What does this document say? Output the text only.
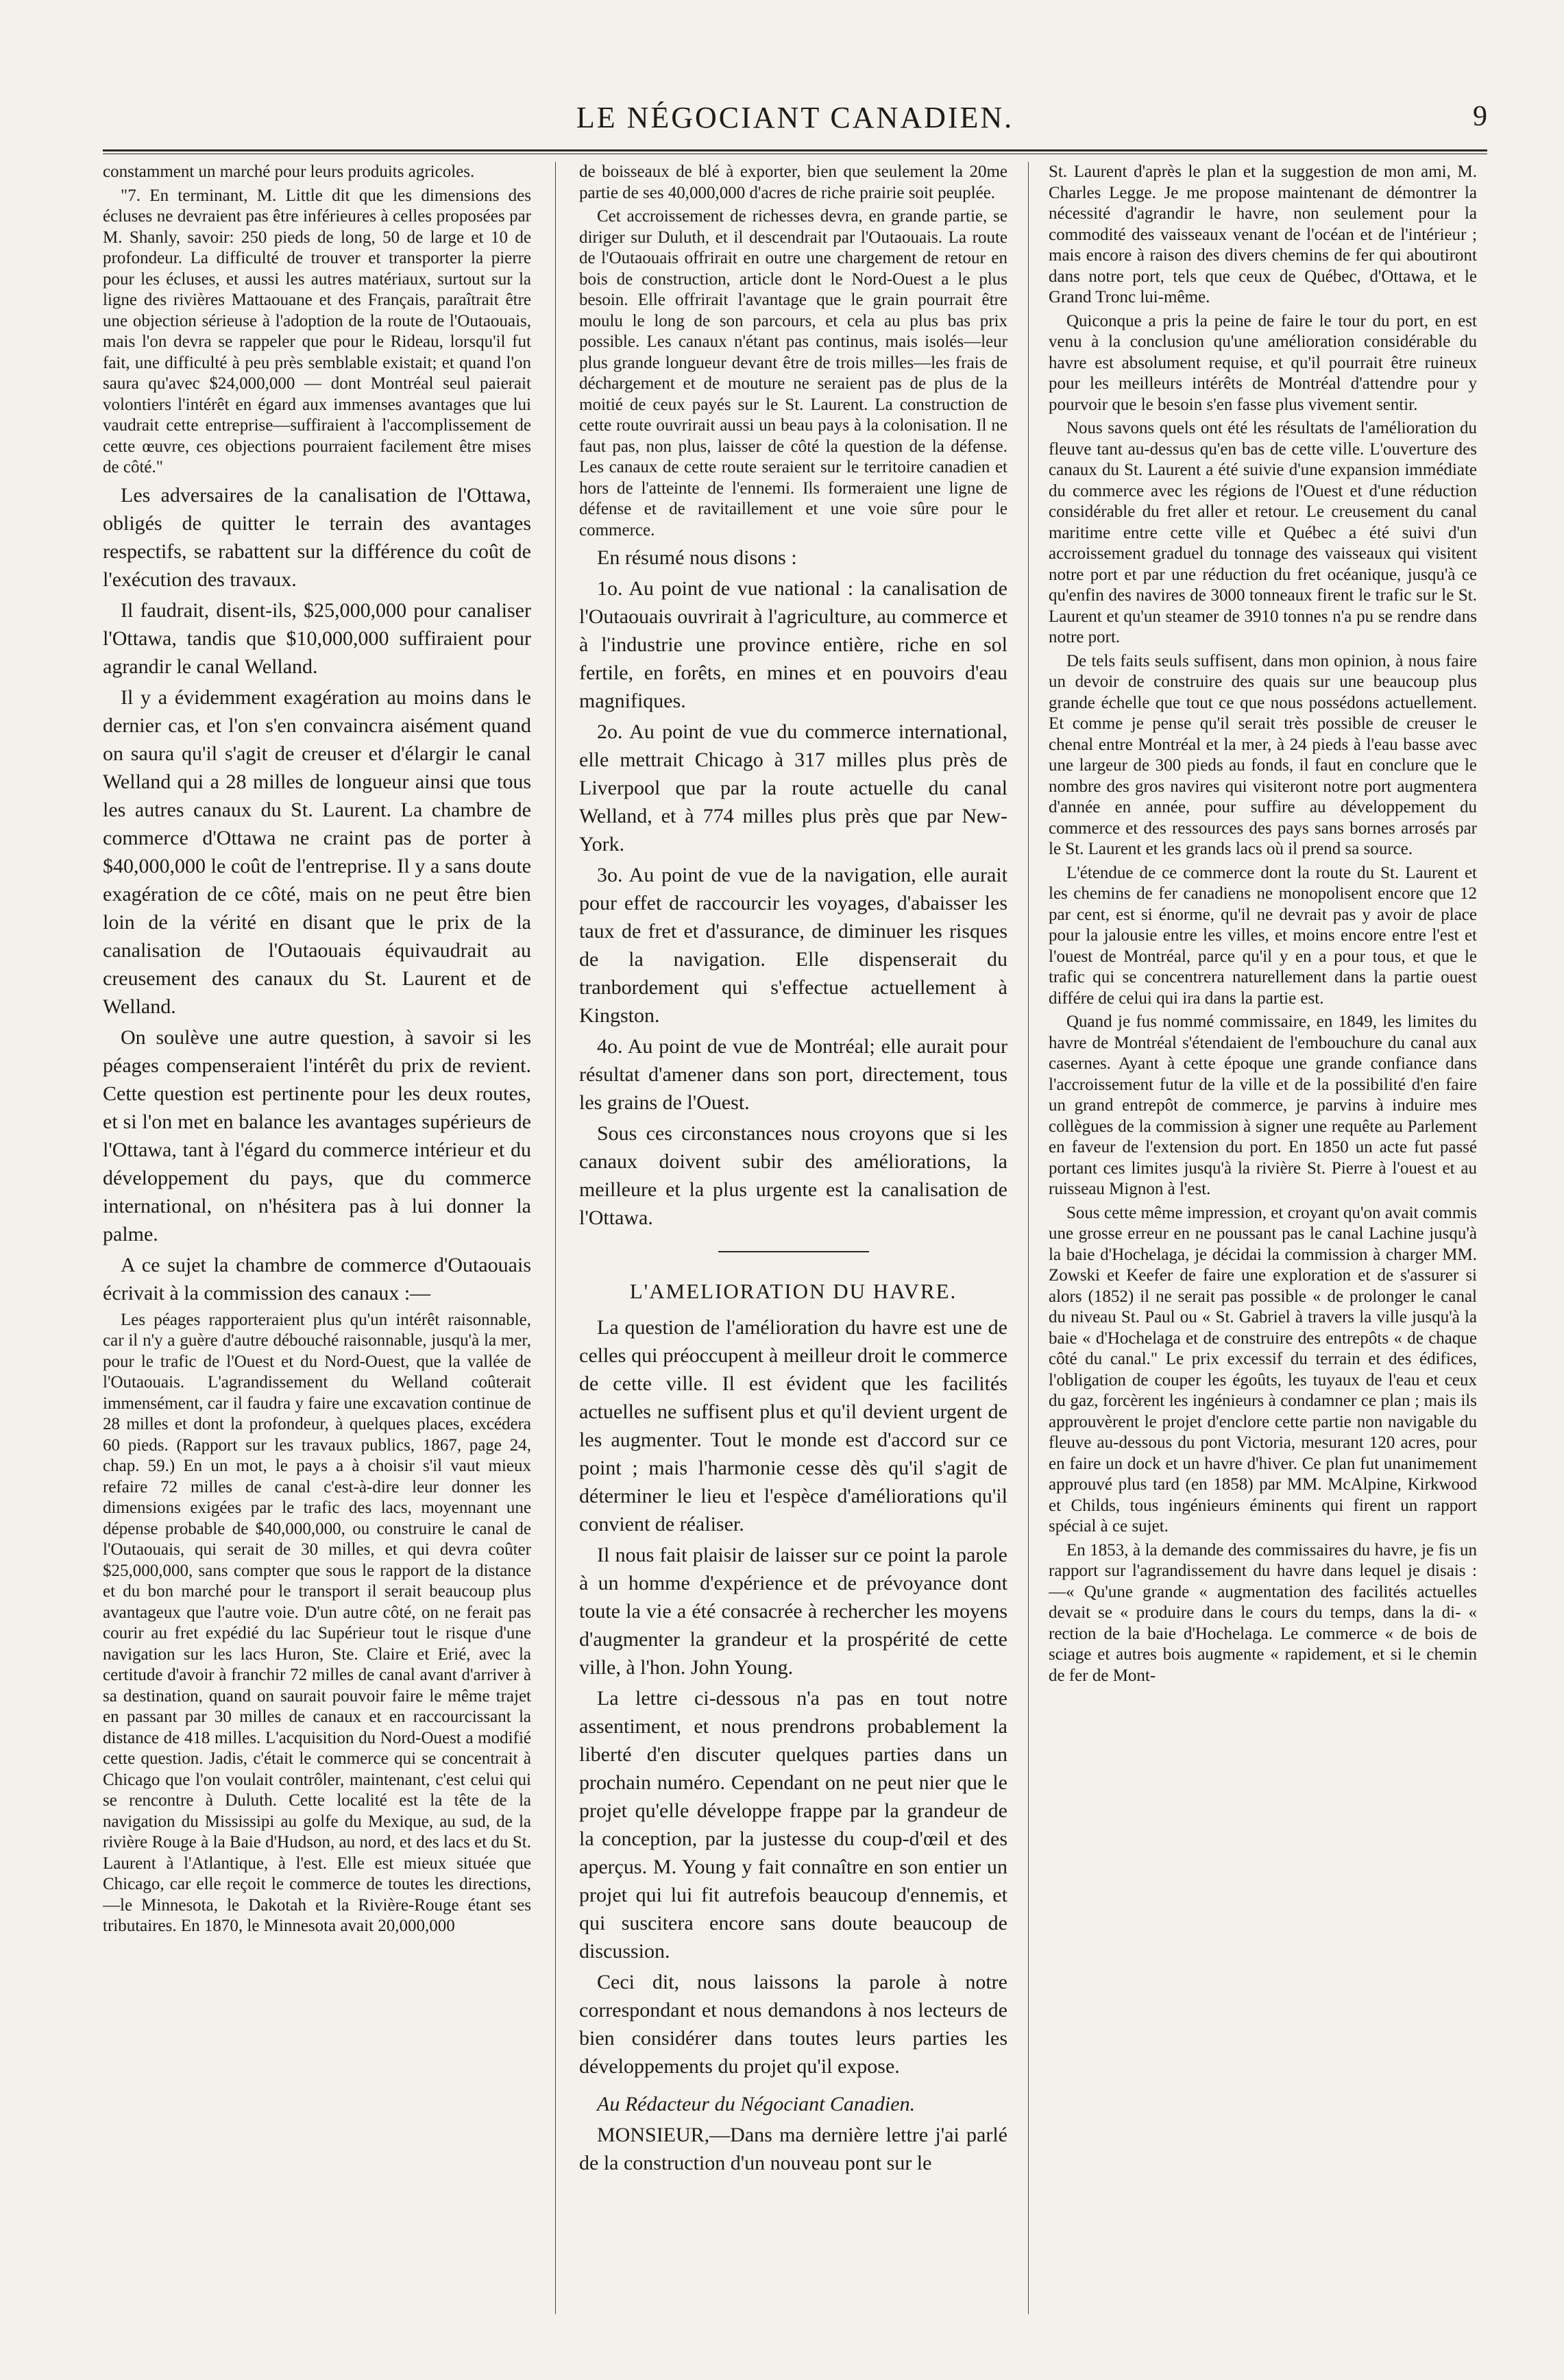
LE NÉGOCIANT CANADIEN.	9

constamment un marché pour leurs produits agricoles.

"7. En terminant, M. Little dit que les dimensions des écluses ne devraient pas être inférieures à celles proposées par M. Shanly, savoir: 250 pieds de long, 50 de large et 10 de profondeur. La difficulté de trouver et transporter la pierre pour les écluses, et aussi les autres matériaux, surtout sur la ligne des rivières Mattaouane et des Français, paraîtrait être une objection sérieuse à l'adoption de la route de l'Outaouais, mais l'on devra se rappeler que pour le Rideau, lorsqu'il fut fait, une difficulté à peu près semblable existait; et quand l'on saura qu'avec $24,000,000 — dont Montréal seul paierait volontiers l'intérêt en égard aux immenses avantages que lui vaudrait cette entreprise—suffiraient à l'accomplissement de cette œuvre, ces objections pourraient facilement être mises de côté."

Les adversaires de la canalisation de l'Ottawa, obligés de quitter le terrain des avantages respectifs, se rabattent sur la différence du coût de l'exécution des travaux.

Il faudrait, disent-ils, $25,000,000 pour canaliser l'Ottawa, tandis que $10,000,000 suffiraient pour agrandir le canal Welland.

Il y a évidemment exagération au moins dans le dernier cas, et l'on s'en convaincra aisément quand on saura qu'il s'agit de creuser et d'élargir le canal Welland qui a 28 milles de longueur ainsi que tous les autres canaux du St. Laurent. La chambre de commerce d'Ottawa ne craint pas de porter à $40,000,000 le coût de l'entreprise. Il y a sans doute exagération de ce côté, mais on ne peut être bien loin de la vérité en disant que le prix de la canalisation de l'Outaouais équivaudrait au creusement des canaux du St. Laurent et de Welland.

On soulève une autre question, à savoir si les péages compenseraient l'intérêt du prix de revient. Cette question est pertinente pour les deux routes, et si l'on met en balance les avantages supérieurs de l'Ottawa, tant à l'égard du commerce intérieur et du développement du pays, que du commerce international, on n'hésitera pas à lui donner la palme.

A ce sujet la chambre de commerce d'Outaouais écrivait à la commission des canaux :—

Les péages rapporteraient plus qu'un intérêt raisonnable, car il n'y a guère d'autre débouché raisonnable, jusqu'à la mer, pour le trafic de l'Ouest et du Nord-Ouest, que la vallée de l'Outaouais. L'agrandissement du Welland coûterait immensément, car il faudra y faire une excavation continue de 28 milles et dont la profondeur, à quelques places, excédera 60 pieds. (Rapport sur les travaux publics, 1867, page 24, chap. 59.) En un mot, le pays a à choisir s'il vaut mieux refaire 72 milles de canal c'est-à-dire leur donner les dimensions exigées par le trafic des lacs, moyennant une dépense probable de $40,000,000, ou construire le canal de l'Outaouais, qui serait de 30 milles, et qui devra coûter $25,000,000, sans compter que sous le rapport de la distance et du bon marché pour le transport il serait beaucoup plus avantageux que l'autre voie. D'un autre côté, on ne ferait pas courir au fret expédié du lac Supérieur tout le risque d'une navigation sur les lacs Huron, Ste. Claire et Erié, avec la certitude d'avoir à franchir 72 milles de canal avant d'arriver à sa destination, quand on saurait pouvoir faire le même trajet en passant par 30 milles de canaux et en raccourcissant la distance de 418 milles. L'acquisition du Nord-Ouest a modifié cette question. Jadis, c'était le commerce qui se concentrait à Chicago que l'on voulait contrôler, maintenant, c'est celui qui se rencontre à Duluth. Cette localité est la tête de la navigation du Mississipi au golfe du Mexique, au sud, de la rivière Rouge à la Baie d'Hudson, au nord, et des lacs et du St. Laurent à l'Atlantique, à l'est. Elle est mieux située que Chicago, car elle reçoit le commerce de toutes les directions,—le Minnesota, le Dakotah et la Rivière-Rouge étant ses tributaires. En 1870, le Minnesota avait 20,000,000

de boisseaux de blé à exporter, bien que seulement la 20me partie de ses 40,000,000 d'acres de riche prairie soit peuplée.

Cet accroissement de richesses devra, en grande partie, se diriger sur Duluth, et il descendrait par l'Outaouais. La route de l'Outaouais offrirait en outre une chargement de retour en bois de construction, article dont le Nord-Ouest a le plus besoin. Elle offrirait l'avantage que le grain pourrait être moulu le long de son parcours, et cela au plus bas prix possible. Les canaux n'étant pas continus, mais isolés—leur plus grande longueur devant être de trois milles—les frais de déchargement et de mouture ne seraient pas de plus de la moitié de ceux payés sur le St. Laurent. La construction de cette route ouvrirait aussi un beau pays à la colonisation. Il ne faut pas, non plus, laisser de côté la question de la défense. Les canaux de cette route seraient sur le territoire canadien et hors de l'atteinte de l'ennemi. Ils formeraient une ligne de défense et de ravitaillement et une voie sûre pour le commerce.

En résumé nous disons :

1o. Au point de vue national : la canalisation de l'Outaouais ouvrirait à l'agriculture, au commerce et à l'industrie une province entière, riche en sol fertile, en forêts, en mines et en pouvoirs d'eau magnifiques.

2o. Au point de vue du commerce international, elle mettrait Chicago à 317 milles plus près de Liverpool que par la route actuelle du canal Welland, et à 774 milles plus près que par New-York.

3o. Au point de vue de la navigation, elle aurait pour effet de raccourcir les voyages, d'abaisser les taux de fret et d'assurance, de diminuer les risques de la navigation. Elle dispenserait du tranbordement qui s'effectue actuellement à Kingston.

4o. Au point de vue de Montréal; elle aurait pour résultat d'amener dans son port, directement, tous les grains de l'Ouest.

Sous ces circonstances nous croyons que si les canaux doivent subir des améliorations, la meilleure et la plus urgente est la canalisation de l'Ottawa.

L'AMELIORATION DU HAVRE.

La question de l'amélioration du havre est une de celles qui préoccupent à meilleur droit le commerce de cette ville. Il est évident que les facilités actuelles ne suffisent plus et qu'il devient urgent de les augmenter. Tout le monde est d'accord sur ce point ; mais l'harmonie cesse dès qu'il s'agit de déterminer le lieu et l'espèce d'améliorations qu'il convient de réaliser.

Il nous fait plaisir de laisser sur ce point la parole à un homme d'expérience et de prévoyance dont toute la vie a été consacrée à rechercher les moyens d'augmenter la grandeur et la prospérité de cette ville, à l'hon. John Young.

La lettre ci-dessous n'a pas en tout notre assentiment, et nous prendrons probablement la liberté d'en discuter quelques parties dans un prochain numéro. Cependant on ne peut nier que le projet qu'elle développe frappe par la grandeur de la conception, par la justesse du coup-d'œil et des aperçus. M. Young y fait connaître en son entier un projet qui lui fit autrefois beaucoup d'ennemis, et qui suscitera encore sans doute beaucoup de discussion.

Ceci dit, nous laissons la parole à notre correspondant et nous demandons à nos lecteurs de bien considérer dans toutes leurs parties les développements du projet qu'il expose.

Au Rédacteur du Négociant Canadien.

MONSIEUR,—Dans ma dernière lettre j'ai parlé de la construction d'un nouveau pont sur le

St. Laurent d'après le plan et la suggestion de mon ami, M. Charles Legge. Je me propose maintenant de démontrer la nécessité d'agrandir le havre, non seulement pour la commodité des vaisseaux venant de l'océan et de l'intérieur ; mais encore à raison des divers chemins de fer qui aboutiront dans notre port, tels que ceux de Québec, d'Ottawa, et le Grand Tronc lui-même.

Quiconque a pris la peine de faire le tour du port, en est venu à la conclusion qu'une amélioration considérable du havre est absolument requise, et qu'il pourrait être ruineux pour les meilleurs intérêts de Montréal d'attendre pour y pourvoir que le besoin s'en fasse plus vivement sentir.

Nous savons quels ont été les résultats de l'amélioration du fleuve tant au-dessus qu'en bas de cette ville. L'ouverture des canaux du St. Laurent a été suivie d'une expansion immédiate du commerce avec les régions de l'Ouest et d'une réduction considérable du fret aller et retour. Le creusement du canal maritime entre cette ville et Québec a été suivi d'un accroissement graduel du tonnage des vaisseaux qui visitent notre port et par une réduction du fret océanique, jusqu'à ce qu'enfin des navires de 3000 tonneaux firent le trafic sur le St. Laurent et qu'un steamer de 3910 tonnes n'a pu se rendre dans notre port.

De tels faits seuls suffisent, dans mon opinion, à nous faire un devoir de construire des quais sur une beaucoup plus grande échelle que tout ce que nous possédons actuellement. Et comme je pense qu'il serait très possible de creuser le chenal entre Montréal et la mer, à 24 pieds à l'eau basse avec une largeur de 300 pieds au fonds, il faut en conclure que le nombre des gros navires qui visiteront notre port augmentera d'année en année, pour suffire au développement du commerce et des ressources des pays sans bornes arrosés par le St. Laurent et les grands lacs où il prend sa source.

L'étendue de ce commerce dont la route du St. Laurent et les chemins de fer canadiens ne monopolisent encore que 12 par cent, est si énorme, qu'il ne devrait pas y avoir de place pour la jalousie entre les villes, et moins encore entre l'est et l'ouest de Montréal, parce qu'il y en a pour tous, et que le trafic qui se concentrera naturellement dans la partie ouest différe de celui qui ira dans la partie est.

Quand je fus nommé commissaire, en 1849, les limites du havre de Montréal s'étendaient de l'embouchure du canal aux casernes. Ayant à cette époque une grande confiance dans l'accroissement futur de la ville et de la possibilité d'en faire un grand entrepôt de commerce, je parvins à induire mes collègues de la commission à signer une requête au Parlement en faveur de l'extension du port. En 1850 un acte fut passé portant ces limites jusqu'à la rivière St. Pierre à l'ouest et au ruisseau Mignon à l'est.

Sous cette même impression, et croyant qu'on avait commis une grosse erreur en ne poussant pas le canal Lachine jusqu'à la baie d'Hochelaga, je décidai la commission à charger MM. Zowski et Keefer de faire une exploration et de s'assurer si alors (1852) il ne serait pas possible « de prolonger le canal du niveau St. Paul ou « St. Gabriel à travers la ville jusqu'à la baie « d'Hochelaga et de construire des entrepôts « de chaque côté du canal." Le prix excessif du terrain et des édifices, l'obligation de couper les égoûts, les tuyaux de l'eau et ceux du gaz, forcèrent les ingénieurs à condamner ce plan ; mais ils approuvèrent le projet d'enclore cette partie non navigable du fleuve au-dessous du pont Victoria, mesurant 120 acres, pour en faire un dock et un havre d'hiver. Ce plan fut unanimement approuvé plus tard (en 1858) par MM. McAlpine, Kirkwood et Childs, tous ingénieurs éminents qui firent un rapport spécial à ce sujet.

En 1853, à la demande des commissaires du havre, je fis un rapport sur l'agrandissement du havre dans lequel je disais :—« Qu'une grande « augmentation des facilités actuelles devait se « produire dans le cours du temps, dans la di- « rection de la baie d'Hochelaga. Le commerce « de bois de sciage et autres bois augmente « rapidement, et si le chemin de fer de Mont-
